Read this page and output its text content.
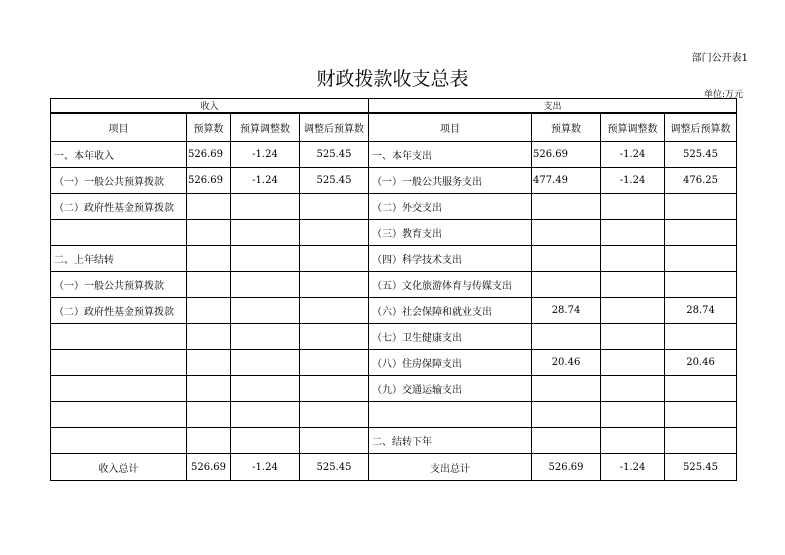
部门公开表1
财政拨款收支总表
单位:万元
收入				支出			
项目	预算数	预算调整数	调整后预算数	项目	预算数	预算调整数	调整后预算数
一、本年收入	526.69	-1.24	525.45	一、本年支出	526.69	-1.24	525.45
（一）一般公共预算拨款	526.69	-1.24	525.45	（一）一般公共服务支出	477.49	-1.24	476.25
（二）政府性基金预算拨款				（二）外交支出			
				（三）教育支出			
二、上年结转				（四）科学技术支出			
（一）一般公共预算拨款				（五）文化旅游体育与传媒支出			
（二）政府性基金预算拨款				（六）社会保障和就业支出	28.74		28.74
				（七）卫生健康支出			
				（八）住房保障支出	20.46		20.46
				（九）交通运输支出			

				二、结转下年			
收入总计	526.69	-1.24	525.45	支出总计	526.69	-1.24	525.45
